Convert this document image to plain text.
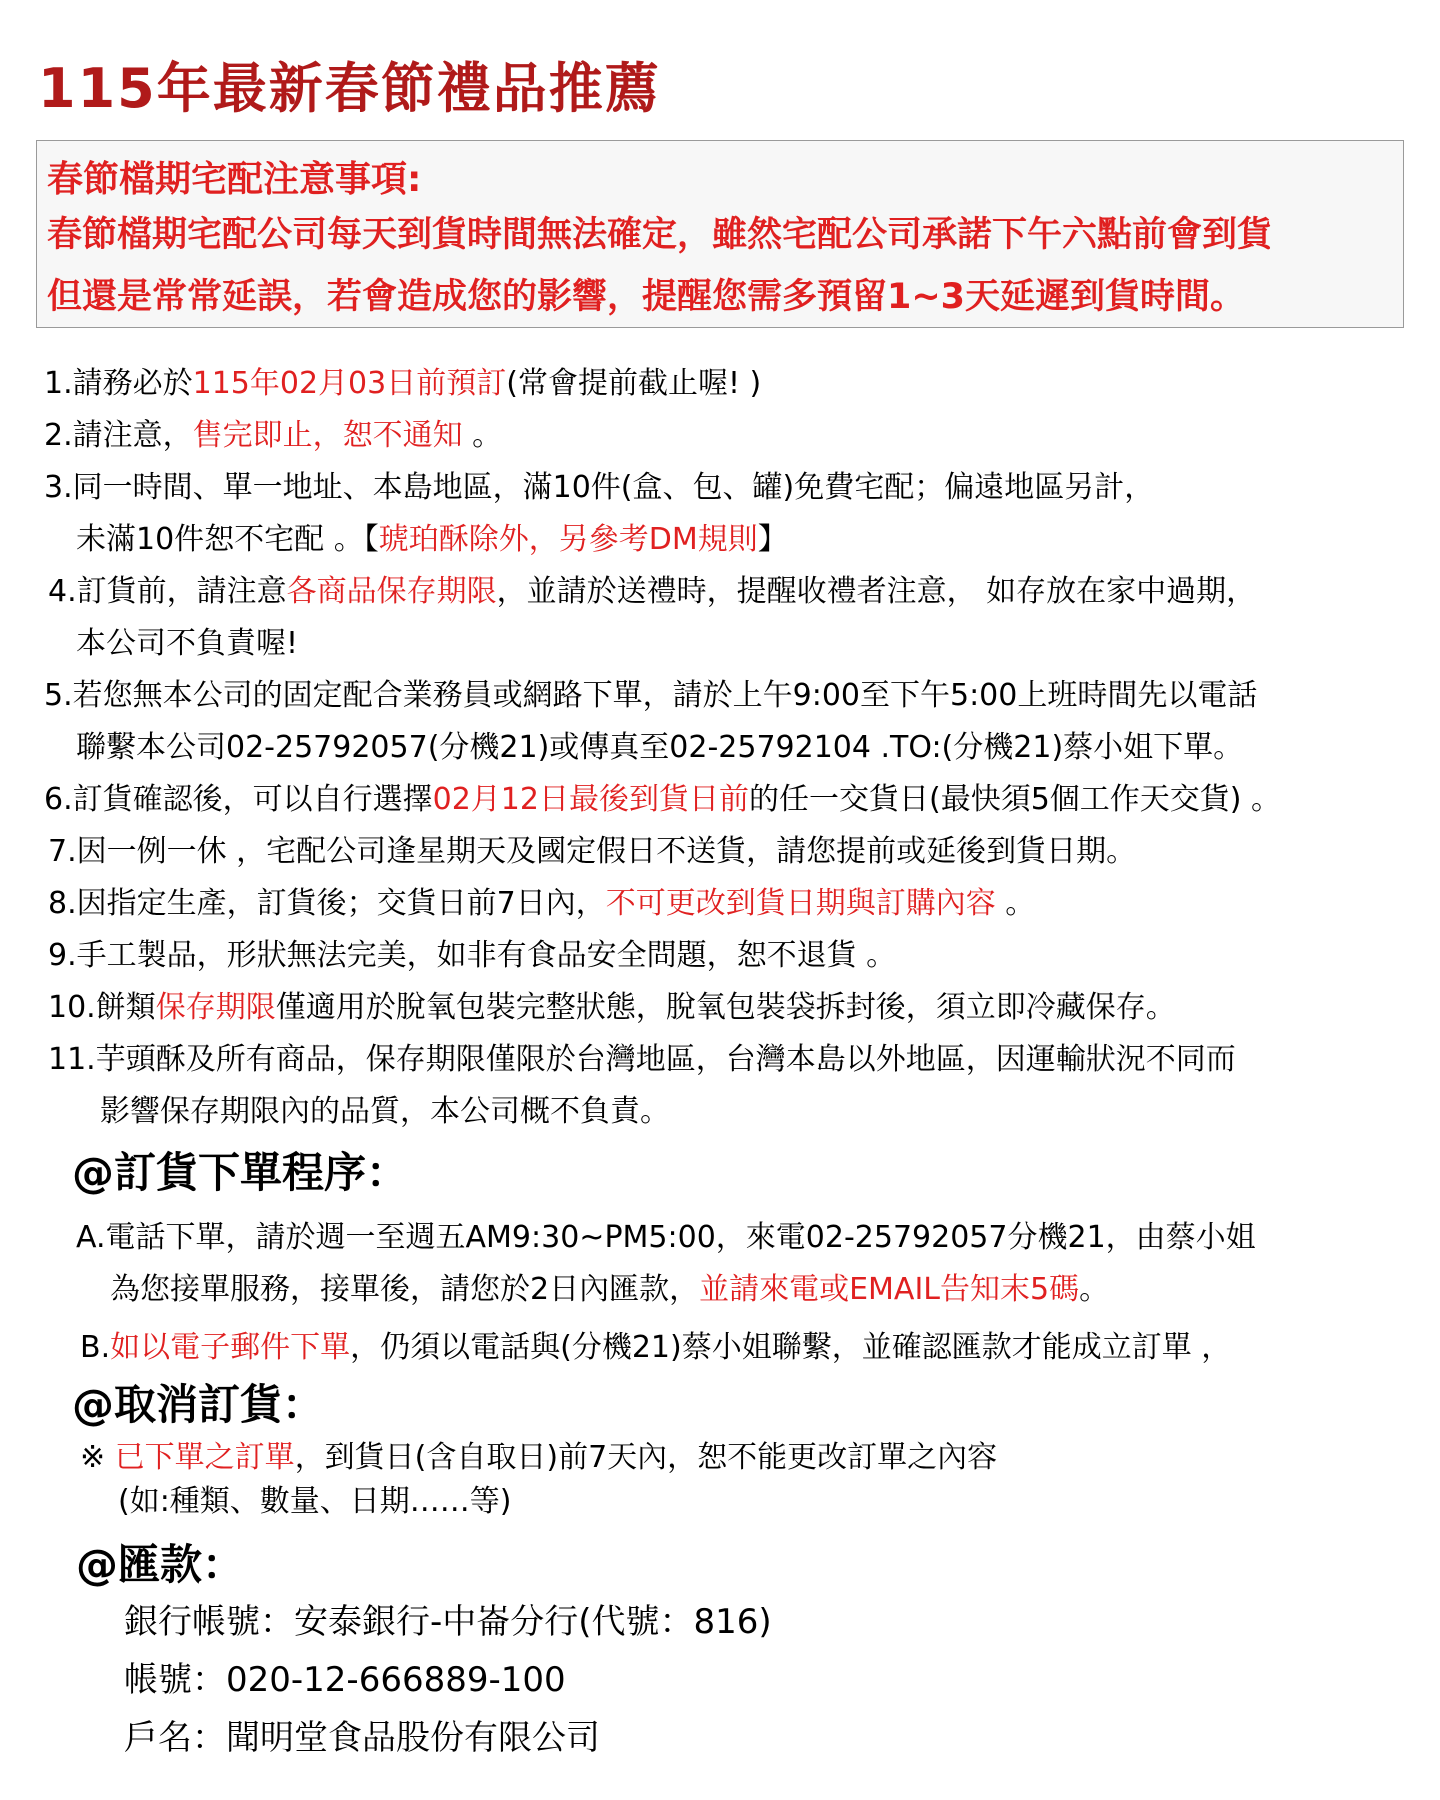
115年最新春節禮品推薦
春節檔期宅配注意事項:
春節檔期宅配公司每天到貨時間無法確定，雖然宅配公司承諾下午六點前會到貨
但還是常常延誤，若會造成您的影響，提醒您需多預留1~3天延遲到貨時間。
1.請務必於115年02月03日前預訂(常會提前截止喔! )
2.請注意，售完即止，恕不通知 。
3.同一時間、單一地址、本島地區，滿10件(盒、包、罐)免費宅配；偏遠地區另計，
未滿10件恕不宅配 。【琥珀酥除外，另參考DM規則】
4.訂貨前，請注意各商品保存期限，並請於送禮時，提醒收禮者注意， 如存放在家中過期，
本公司不負責喔!
5.若您無本公司的固定配合業務員或網路下單，請於上午9:00至下午5:00上班時間先以電話
聯繫本公司02-25792057(分機21)或傳真至02-25792104 .TO:(分機21)蔡小姐下單。
6.訂貨確認後，可以自行選擇02月12日最後到貨日前的任一交貨日(最快須5個工作天交貨) 。
7.因一例一休 ，宅配公司逢星期天及國定假日不送貨，請您提前或延後到貨日期。
8.因指定生產，訂貨後；交貨日前7日內，不可更改到貨日期與訂購內容 。
9.手工製品，形狀無法完美，如非有食品安全問題，恕不退貨 。
10.餅類保存期限僅適用於脫氧包裝完整狀態，脫氧包裝袋拆封後，須立即冷藏保存。
11.芋頭酥及所有商品，保存期限僅限於台灣地區，台灣本島以外地區，因運輸狀況不同而
影響保存期限內的品質，本公司概不負責。
@訂貨下單程序：
A.電話下單，請於週一至週五AM9:30~PM5:00，來電02-25792057分機21，由蔡小姐
為您接單服務，接單後，請您於2日內匯款，並請來電或EMAIL告知末5碼。
B.如以電子郵件下單，仍須以電話與(分機21)蔡小姐聯繫，並確認匯款才能成立訂單 ，
@取消訂貨：
※ 已下單之訂單，到貨日(含自取日)前7天內，恕不能更改訂單之內容
(如:種類、數量、日期……等)
@匯款：
銀行帳號：安泰銀行-中崙分行(代號：816)
帳號：020-12-666889-100
戶名：聞明堂食品股份有限公司
